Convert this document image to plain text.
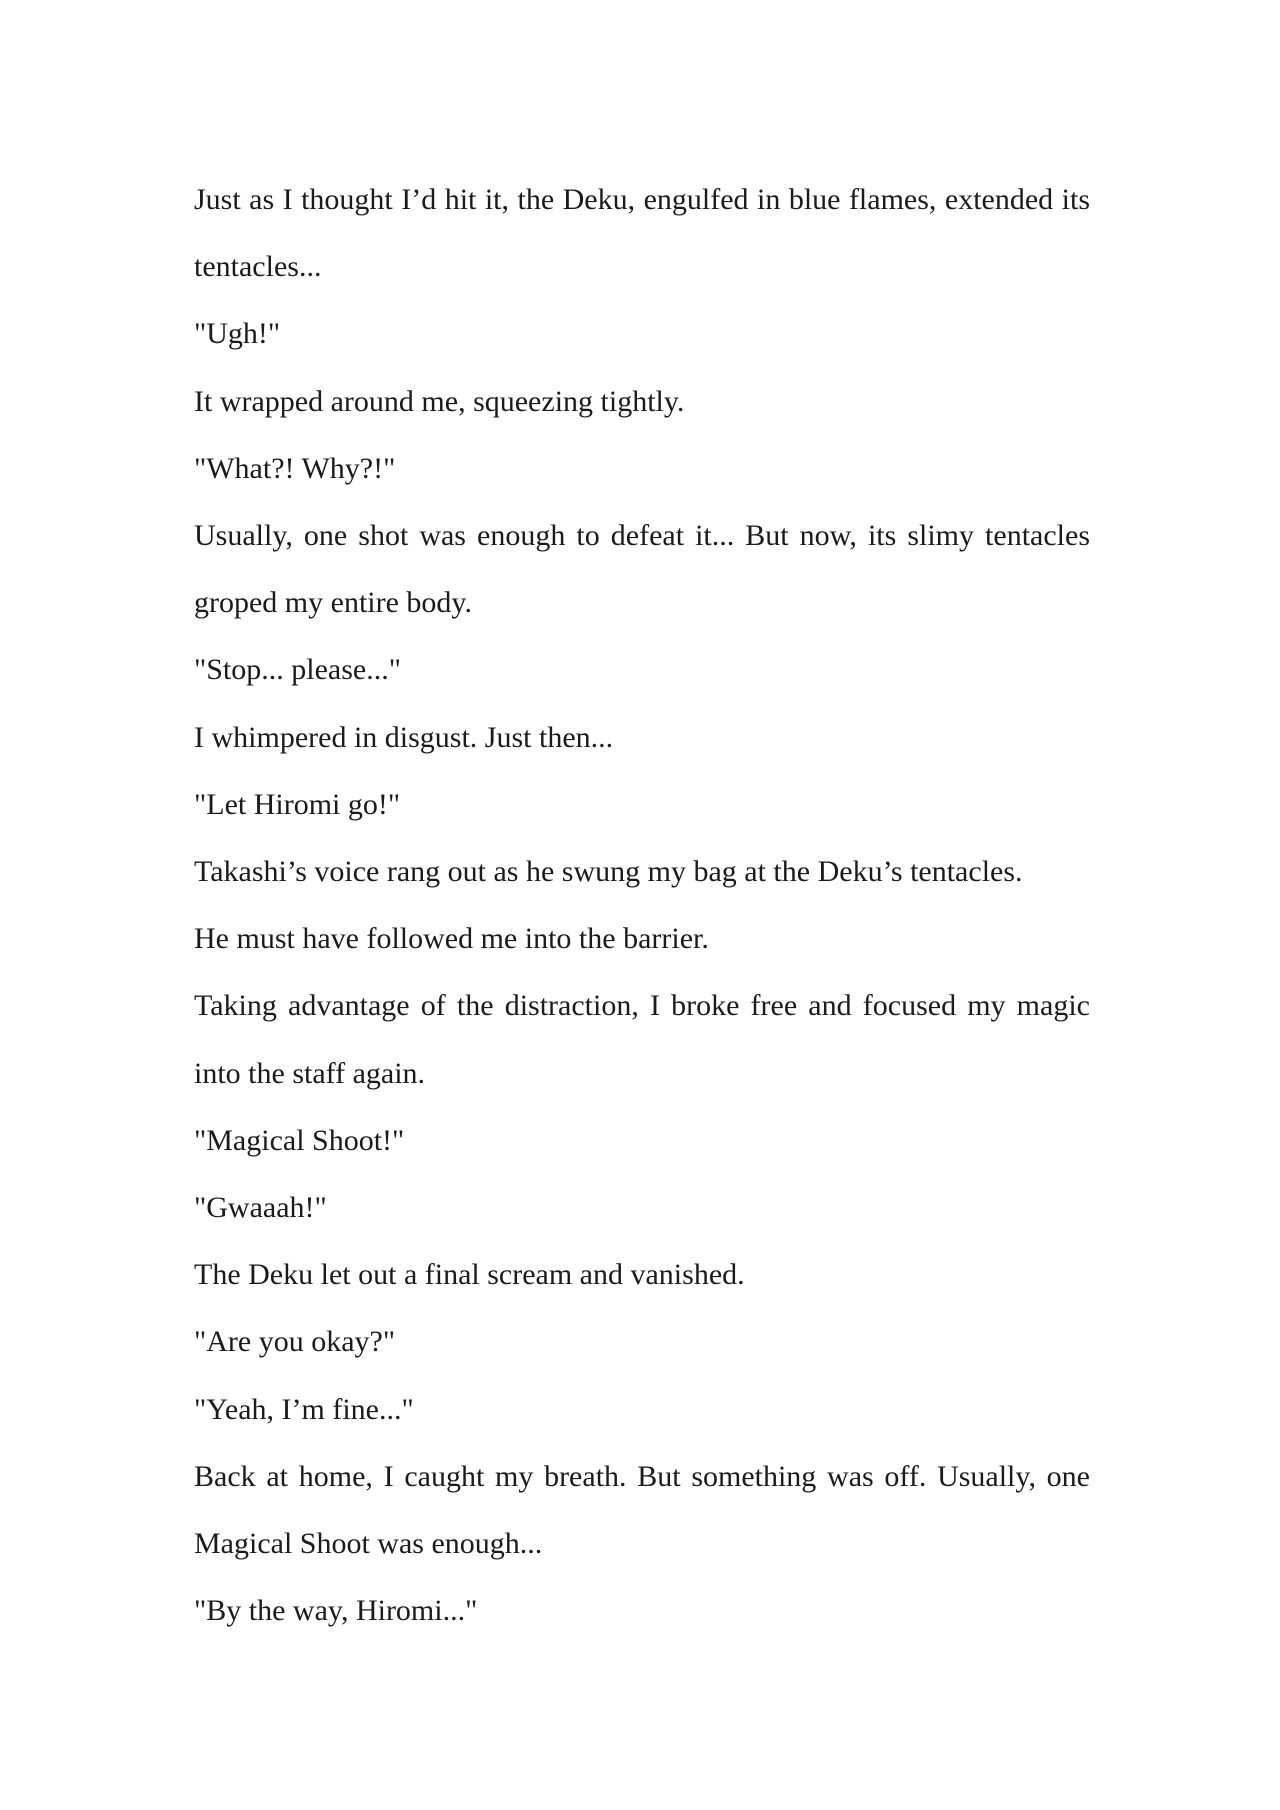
Just as I thought I’d hit it, the Deku, engulfed in blue flames, extended its tentacles...

"Ugh!"

It wrapped around me, squeezing tightly.

"What?! Why?!"

Usually, one shot was enough to defeat it... But now, its slimy tentacles groped my entire body.

"Stop... please..."

I whimpered in disgust. Just then...

"Let Hiromi go!"

Takashi’s voice rang out as he swung my bag at the Deku’s tentacles.

He must have followed me into the barrier.

Taking advantage of the distraction, I broke free and focused my magic into the staff again.

"Magical Shoot!"

"Gwaaah!"

The Deku let out a final scream and vanished.

"Are you okay?"

"Yeah, I’m fine..."

Back at home, I caught my breath. But something was off. Usually, one Magical Shoot was enough...

"By the way, Hiromi..."
